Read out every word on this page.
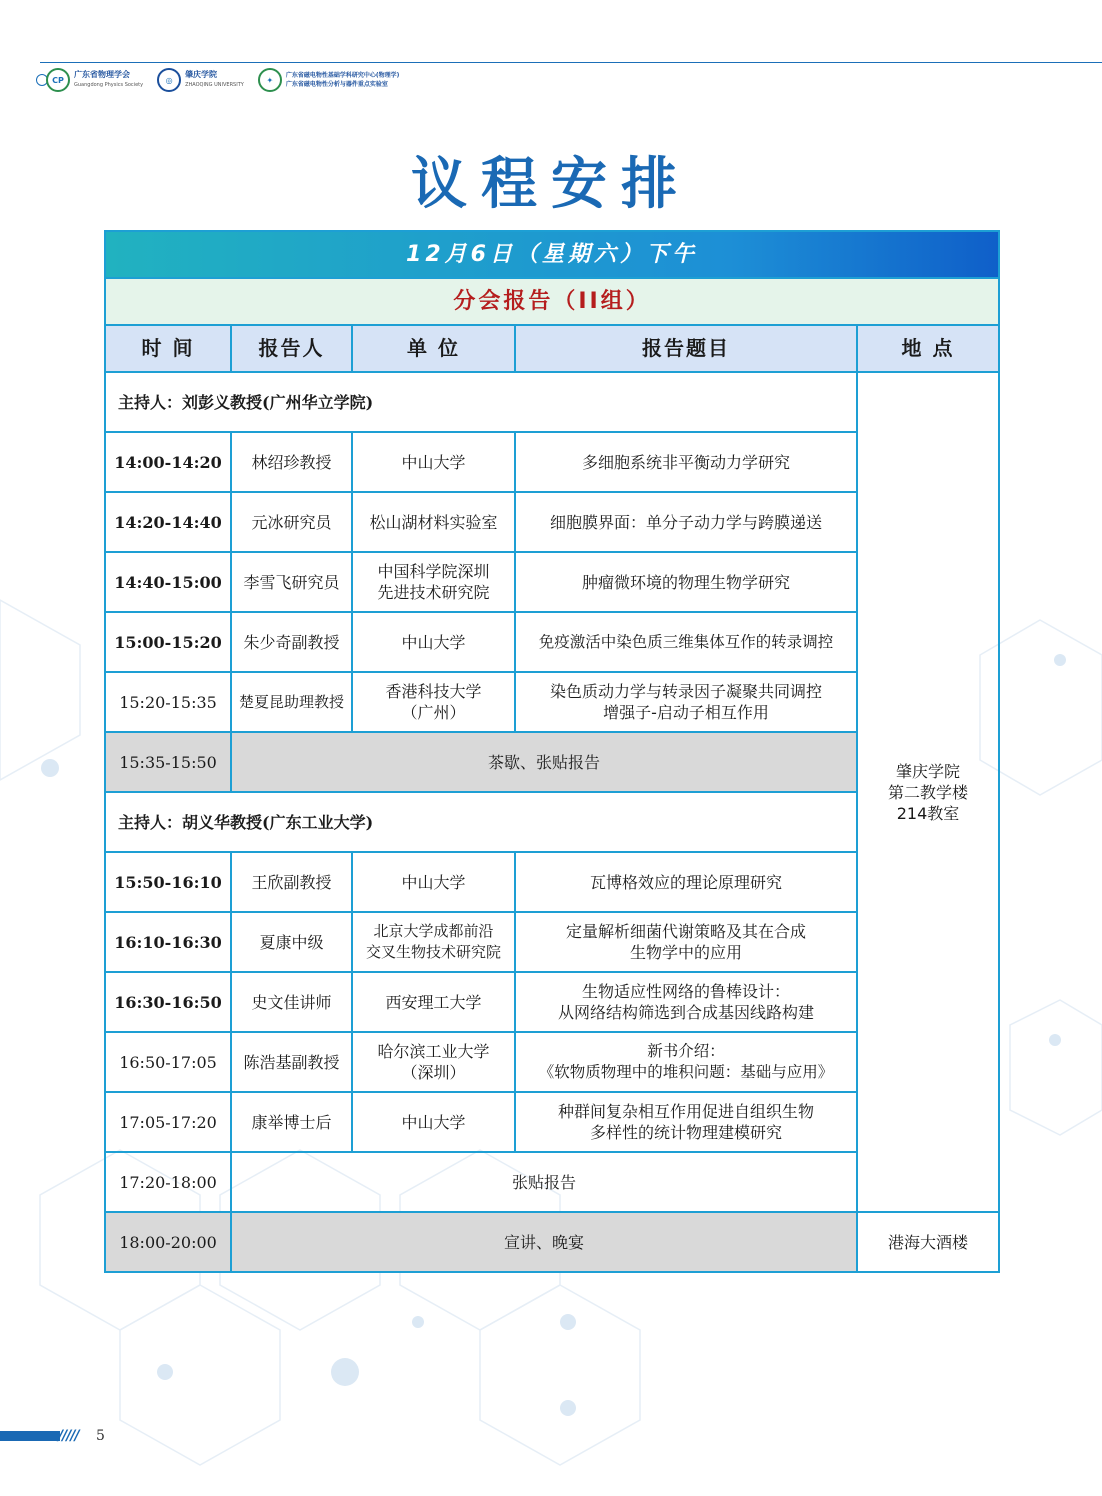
CP
广东省物理学会
Guangdong Physics Society
◎
肇庆学院
ZHAOQING UNIVERSITY
✦	广东省磁电物性基础学科研究中心(物理学)
广东省磁电物性分析与器件重点实验室
议程安排
12月6日（星期六）下午				
分会报告（II组）				
时 间	报告人	单 位	报告题目	地 点
主持人：刘彭义教授(广州华立学院)				肇庆学院
第二教学楼
214教室
14:00-14:20	林绍珍教授	中山大学	多细胞系统非平衡动力学研究	
14:20-14:40	元冰研究员	松山湖材料实验室	细胞膜界面：单分子动力学与跨膜递送	
14:40-15:00	李雪飞研究员	中国科学院深圳
先进技术研究院	肿瘤微环境的物理生物学研究	
15:00-15:20	朱少奇副教授	中山大学	免疫激活中染色质三维集体互作的转录调控	
15:20-15:35	楚夏昆助理教授	香港科技大学
（广州）	染色质动力学与转录因子凝聚共同调控
增强子-启动子相互作用	
15:35-15:50	茶歇、张贴报告			
主持人：胡义华教授(广东工业大学)				
15:50-16:10	王欣副教授	中山大学	瓦博格效应的理论原理研究	
16:10-16:30	夏康中级	北京大学成都前沿
交叉生物技术研究院	定量解析细菌代谢策略及其在合成
生物学中的应用	
16:30-16:50	史文佳讲师	西安理工大学	生物适应性网络的鲁棒设计：
从网络结构筛选到合成基因线路构建	
16:50-17:05	陈浩基副教授	哈尔滨工业大学
（深圳）	新书介绍：
《软物质物理中的堆积问题：基础与应用》	
17:05-17:20	康举博士后	中山大学	种群间复杂相互作用促进自组织生物
多样性的统计物理建模研究	
17:20-18:00	张贴报告			
18:00-20:00	宣讲、晚宴			港海大酒楼
///// 5
